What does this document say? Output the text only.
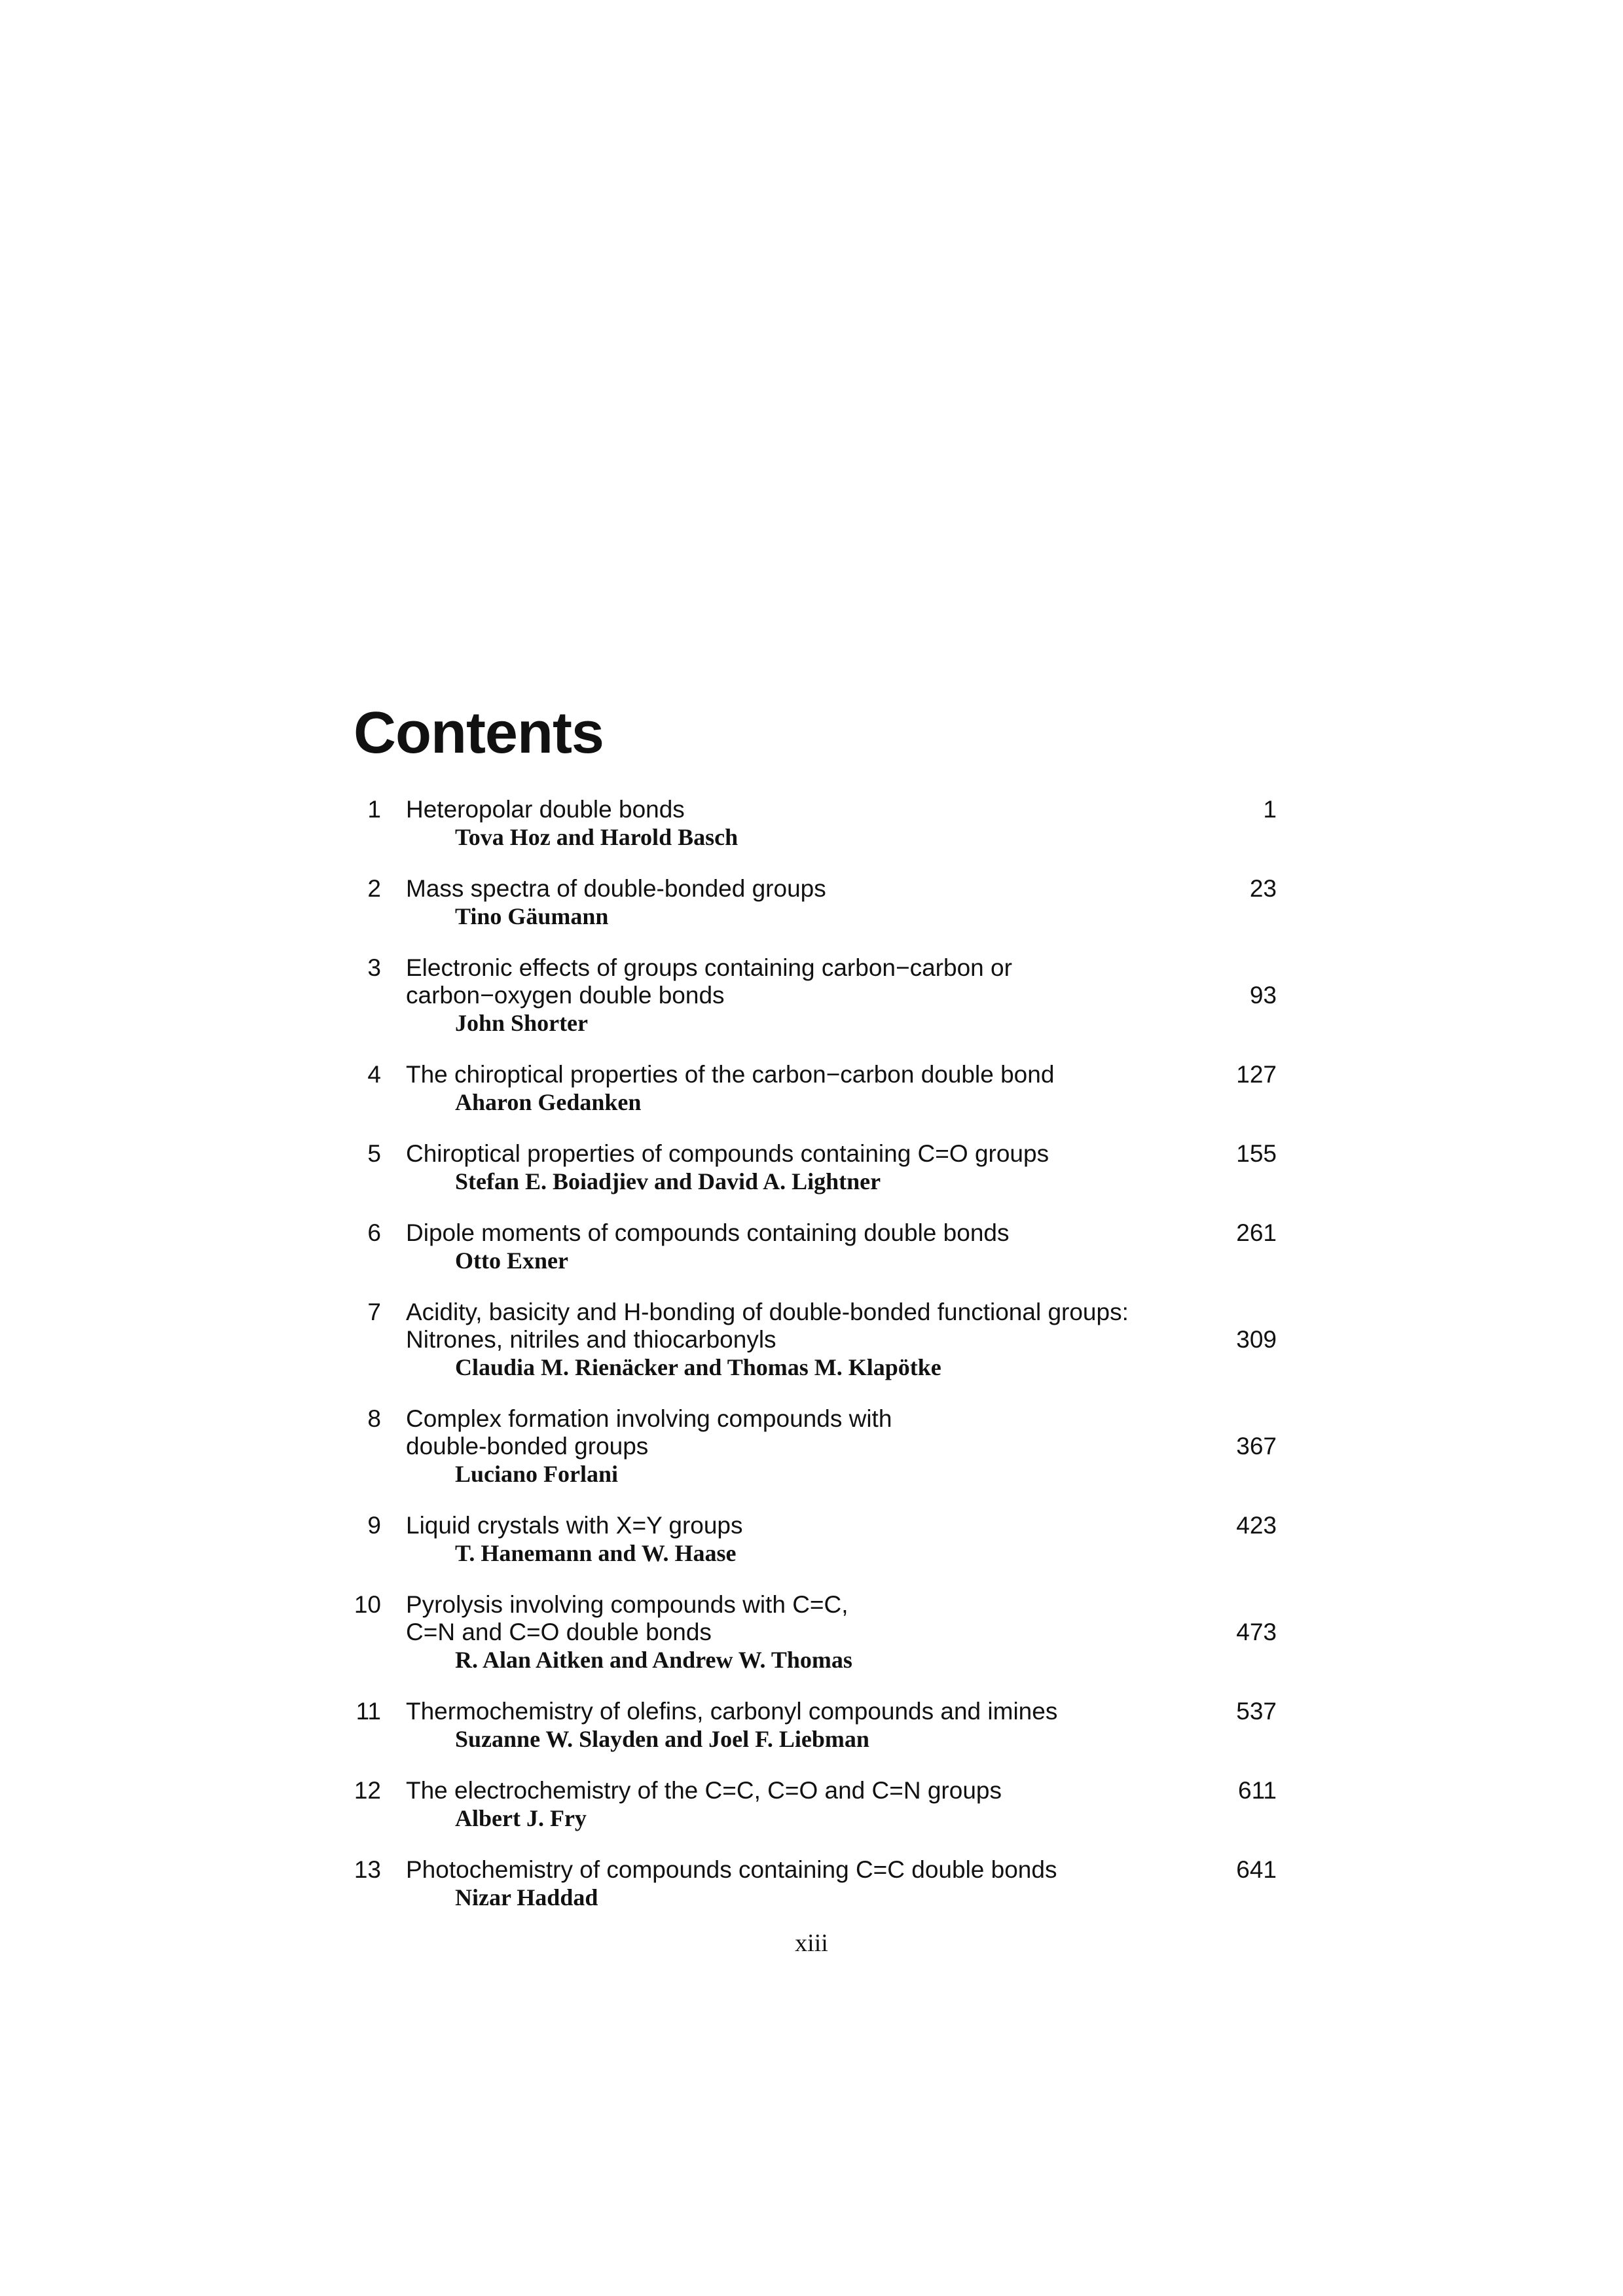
Contents
1 Heteropolar double bonds
Tova Hoz and Harold Basch
1
2 Mass spectra of double-bonded groups
Tino Gäumann
23
3 Electronic effects of groups containing carbon−carbon or
carbon−oxygen double bonds
John Shorter
93
4 The chiroptical properties of the carbon−carbon double bond
Aharon Gedanken
127
5 Chiroptical properties of compounds containing C=O groups
Stefan E. Boiadjiev and David A. Lightner
155
6 Dipole moments of compounds containing double bonds
Otto Exner
261
7 Acidity, basicity and H-bonding of double-bonded functional groups:
Nitrones, nitriles and thiocarbonyls
Claudia M. Rienäcker and Thomas M. Klapötke
309
8 Complex formation involving compounds with
double-bonded groups
Luciano Forlani
367
9 Liquid crystals with X=Y groups
T. Hanemann and W. Haase
423
10 Pyrolysis involving compounds with C=C,
C=N and C=O double bonds
R. Alan Aitken and Andrew W. Thomas
473
11 Thermochemistry of olefins, carbonyl compounds and imines
Suzanne W. Slayden and Joel F. Liebman
537
12 The electrochemistry of the C=C, C=O and C=N groups
Albert J. Fry
611
13 Photochemistry of compounds containing C=C double bonds
Nizar Haddad
641
xiii
